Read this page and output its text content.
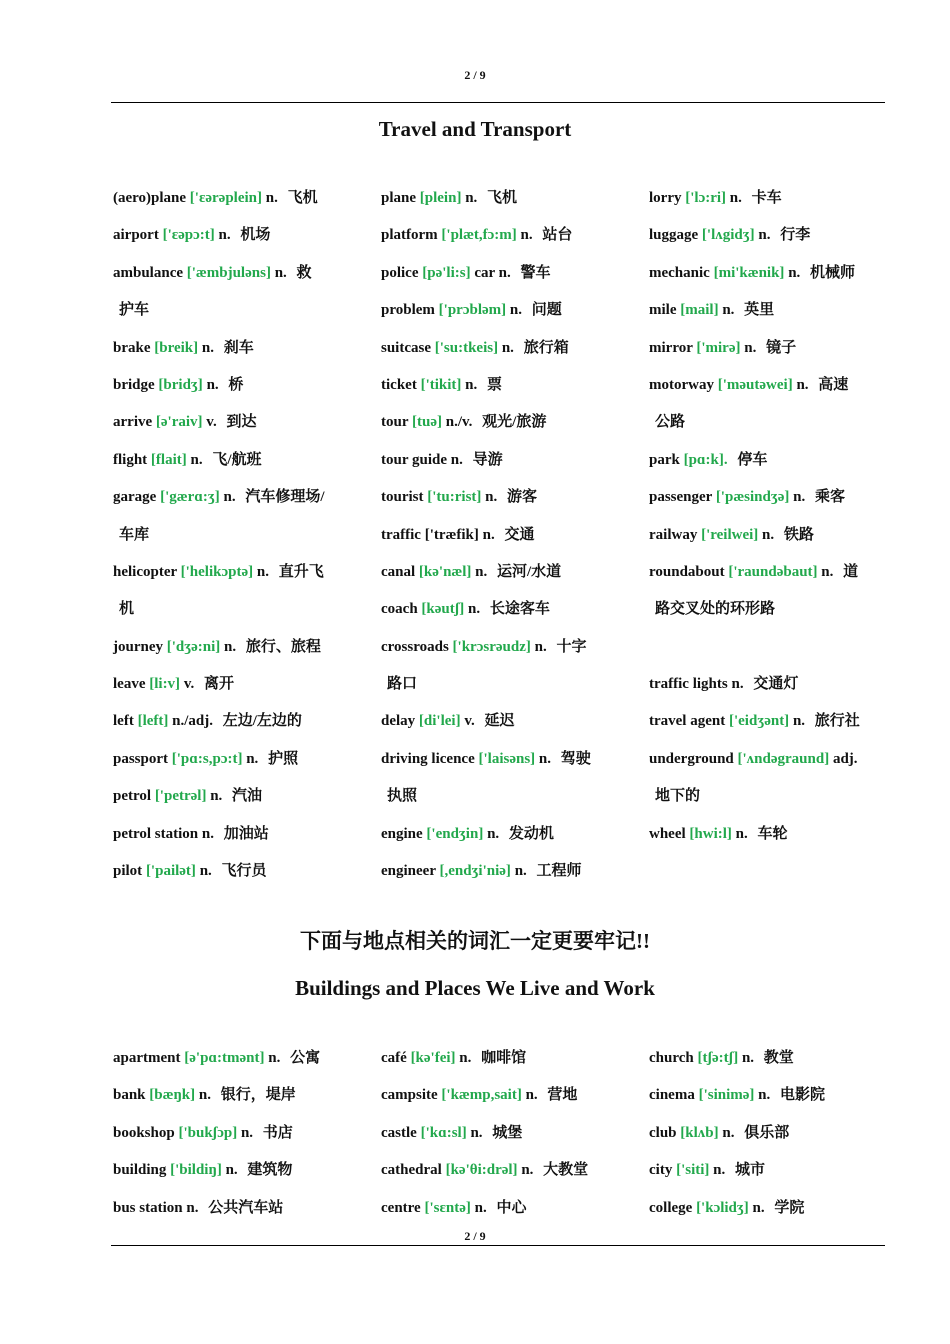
2 / 9
Travel and Transport
(aero)plane ['ɛərəplein] n. 飞机
airport ['ɛəpɔ:t] n. 机场
ambulance ['æmbjuləns] n. 救
护车
brake [breik] n. 刹车
bridge [bridʒ] n. 桥
arrive [ə'raiv] v. 到达
flight [flait] n. 飞/航班
garage ['gærɑ:ʒ] n. 汽车修理场/
车库
helicopter ['helikɔptə] n. 直升飞
机
journey ['dʒə:ni] n. 旅行、旅程
leave [li:v] v. 离开
left [left] n./adj. 左边/左边的
passport ['pɑ:s,pɔ:t] n. 护照
petrol ['petrəl] n. 汽油
petrol station n. 加油站
pilot ['pailət] n. 飞行员
plane [plein] n. 飞机
platform ['plæt,fɔ:m] n. 站台
police [pə'li:s] car n. 警车
problem ['prɔbləm] n. 问题
suitcase ['su:tkeis] n. 旅行箱
ticket ['tikit] n. 票
tour [tuə] n./v. 观光/旅游
tour guide n. 导游
tourist ['tu:rist] n. 游客
traffic ['træfik] n. 交通
canal [kə'næl] n. 运河/水道
coach [kəutʃ] n. 长途客车
crossroads ['krɔsrəudz] n. 十字
路口
delay [di'lei] v. 延迟
driving licence ['laisəns] n. 驾驶
执照
engine ['endʒin] n. 发动机
engineer [,endʒi'niə] n. 工程师
lorry ['lɔ:ri] n. 卡车
luggage ['lʌgidʒ] n. 行李
mechanic [mi'kænik] n. 机械师
mile [mail] n. 英里
mirror ['mirə] n. 镜子
motorway ['məutəwei] n. 高速
公路
park [pɑ:k]. 停车
passenger ['pæsindʒə] n. 乘客
railway ['reilwei] n. 铁路
roundabout ['raundəbaut] n. 道
路交叉处的环形路
traffic lights n. 交通灯
travel agent ['eidʒənt] n. 旅行社
underground ['ʌndəgraund] adj.
地下的
wheel [hwi:l] n. 车轮
下面与地点相关的词汇一定更要牢记!!
Buildings and Places We Live and Work
apartment [ə'pɑ:tmənt] n. 公寓
bank [bæŋk] n. 银行，堤岸
bookshop ['bukʃɔp] n. 书店
building ['bildiŋ] n. 建筑物
bus station n. 公共汽车站
café [kə'fei] n. 咖啡馆
campsite ['kæmp,sait] n. 营地
castle ['kɑ:sl] n. 城堡
cathedral [kə'θi:drəl] n. 大教堂
centre ['sɛntə] n. 中心
church [tʃə:tʃ] n. 教堂
cinema ['sinimə] n. 电影院
club [klʌb] n. 俱乐部
city ['siti] n. 城市
college ['kɔlidʒ] n. 学院
2 / 9
